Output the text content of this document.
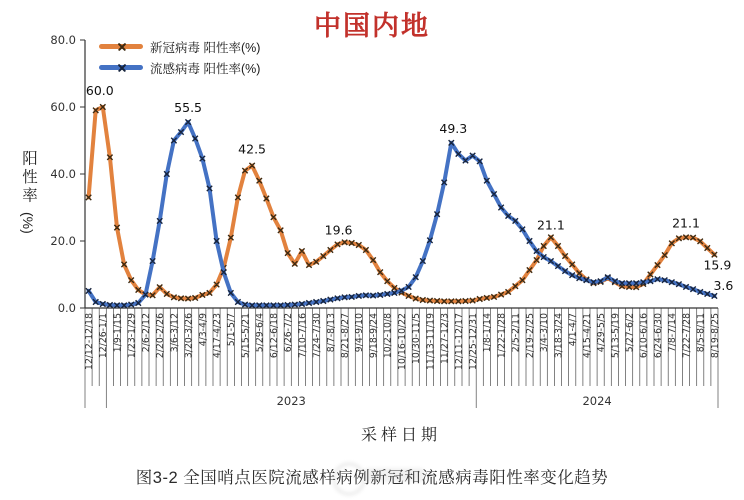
中国内地
0.0
20.0
40.0
60.0
80.0
12/12-12/18 12/26-1/1 1/9-1/15 1/23-1/29 2/6-2/12 2/20-2/26 3/6-3/12 3/20-3/26 4/3-4/9 4/17-4/23 5/1-5/7 5/15-5/21 5/29-6/4 6/12-6/18 6/26-7/2 7/10-7/16 7/24-7/30 8/7-8/13 8/21-8/27 9/4-9/10 9/18-9/24 10/2-10/8 10/16-10/22 10/30-11/5 11/13-11/19 11/27-12/3 12/11-12/17 12/25-12/31 1/8-1/14 1/22-1/28 2/5-2/11 2/19-2/25 3/4-3/10 3/18-3/24 4/1-4/7 4/15-4/21 4/29-5/5 5/13-5/19 5/27-6/2 6/10-6/16 6/24-6/30 7/8-7/14 7/22-7/28 8/5-8/11 8/19-8/25
2023	2024
60.0
55.5
42.5
19.6
49.3
21.1	21.1
15.9
3.6
阳性率
(%)
新冠病毒 阳性率(%)
流感病毒 阳性率(%)
采样日期
图3-2 全国哨点医院流感样病例新冠和流感病毒阳性率变化趋势
